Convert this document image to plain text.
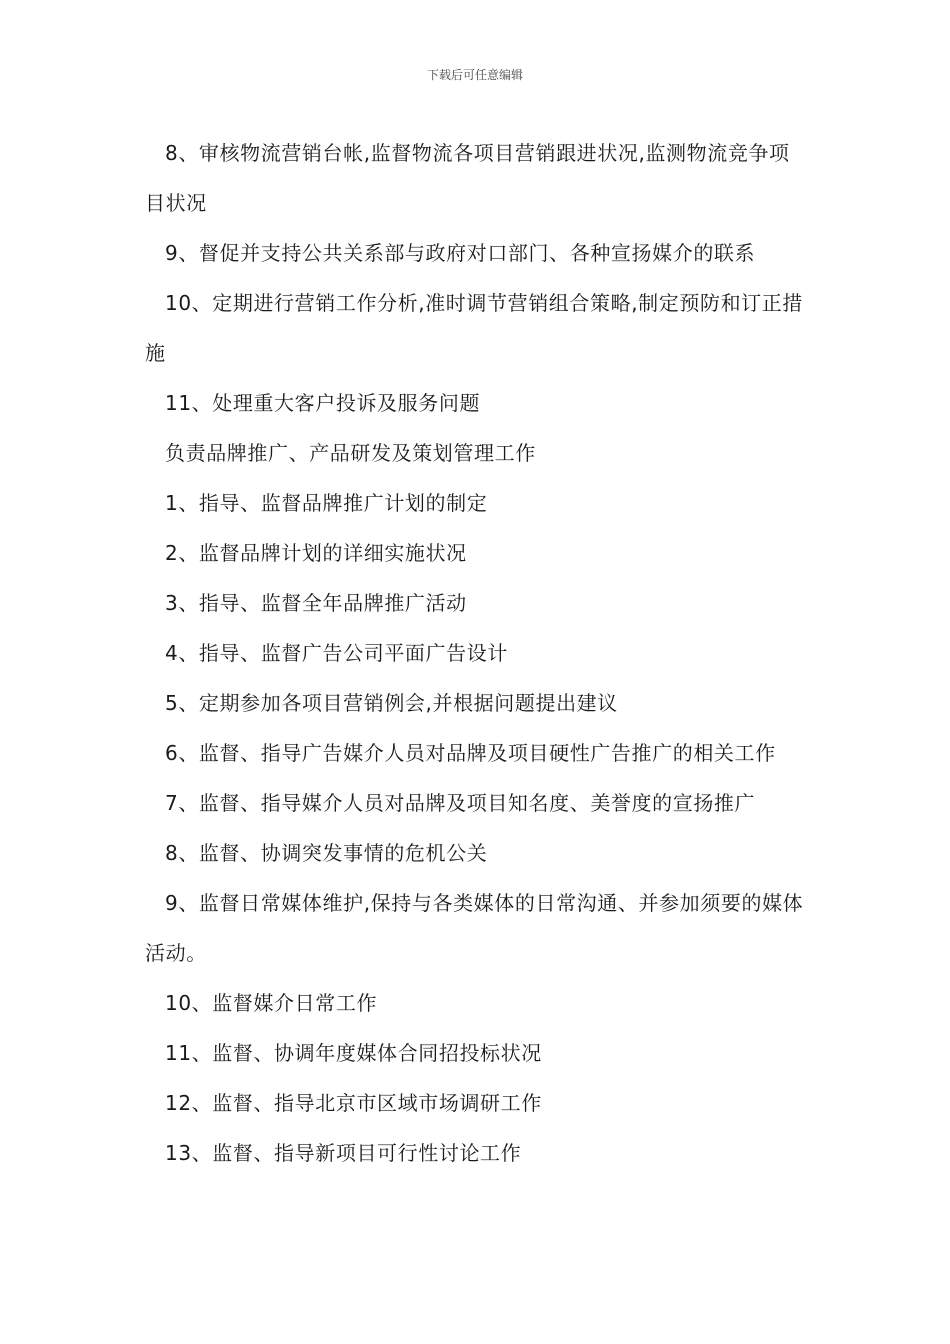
下载后可任意编辑

8、审核物流营销台帐,监督物流各项目营销跟进状况,监测物流竞争项目状况

9、督促并支持公共关系部与政府对口部门、各种宣扬媒介的联系

10、定期进行营销工作分析,准时调节营销组合策略,制定预防和订正措施

11、处理重大客户投诉及服务问题

负责品牌推广、产品研发及策划管理工作

1、指导、监督品牌推广计划的制定

2、监督品牌计划的详细实施状况

3、指导、监督全年品牌推广活动

4、指导、监督广告公司平面广告设计

5、定期参加各项目营销例会,并根据问题提出建议

6、监督、指导广告媒介人员对品牌及项目硬性广告推广的相关工作

7、监督、指导媒介人员对品牌及项目知名度、美誉度的宣扬推广

8、监督、协调突发事情的危机公关

9、监督日常媒体维护,保持与各类媒体的日常沟通、并参加须要的媒体活动。

10、监督媒介日常工作

11、监督、协调年度媒体合同招投标状况

12、监督、指导北京市区域市场调研工作

13、监督、指导新项目可行性讨论工作
